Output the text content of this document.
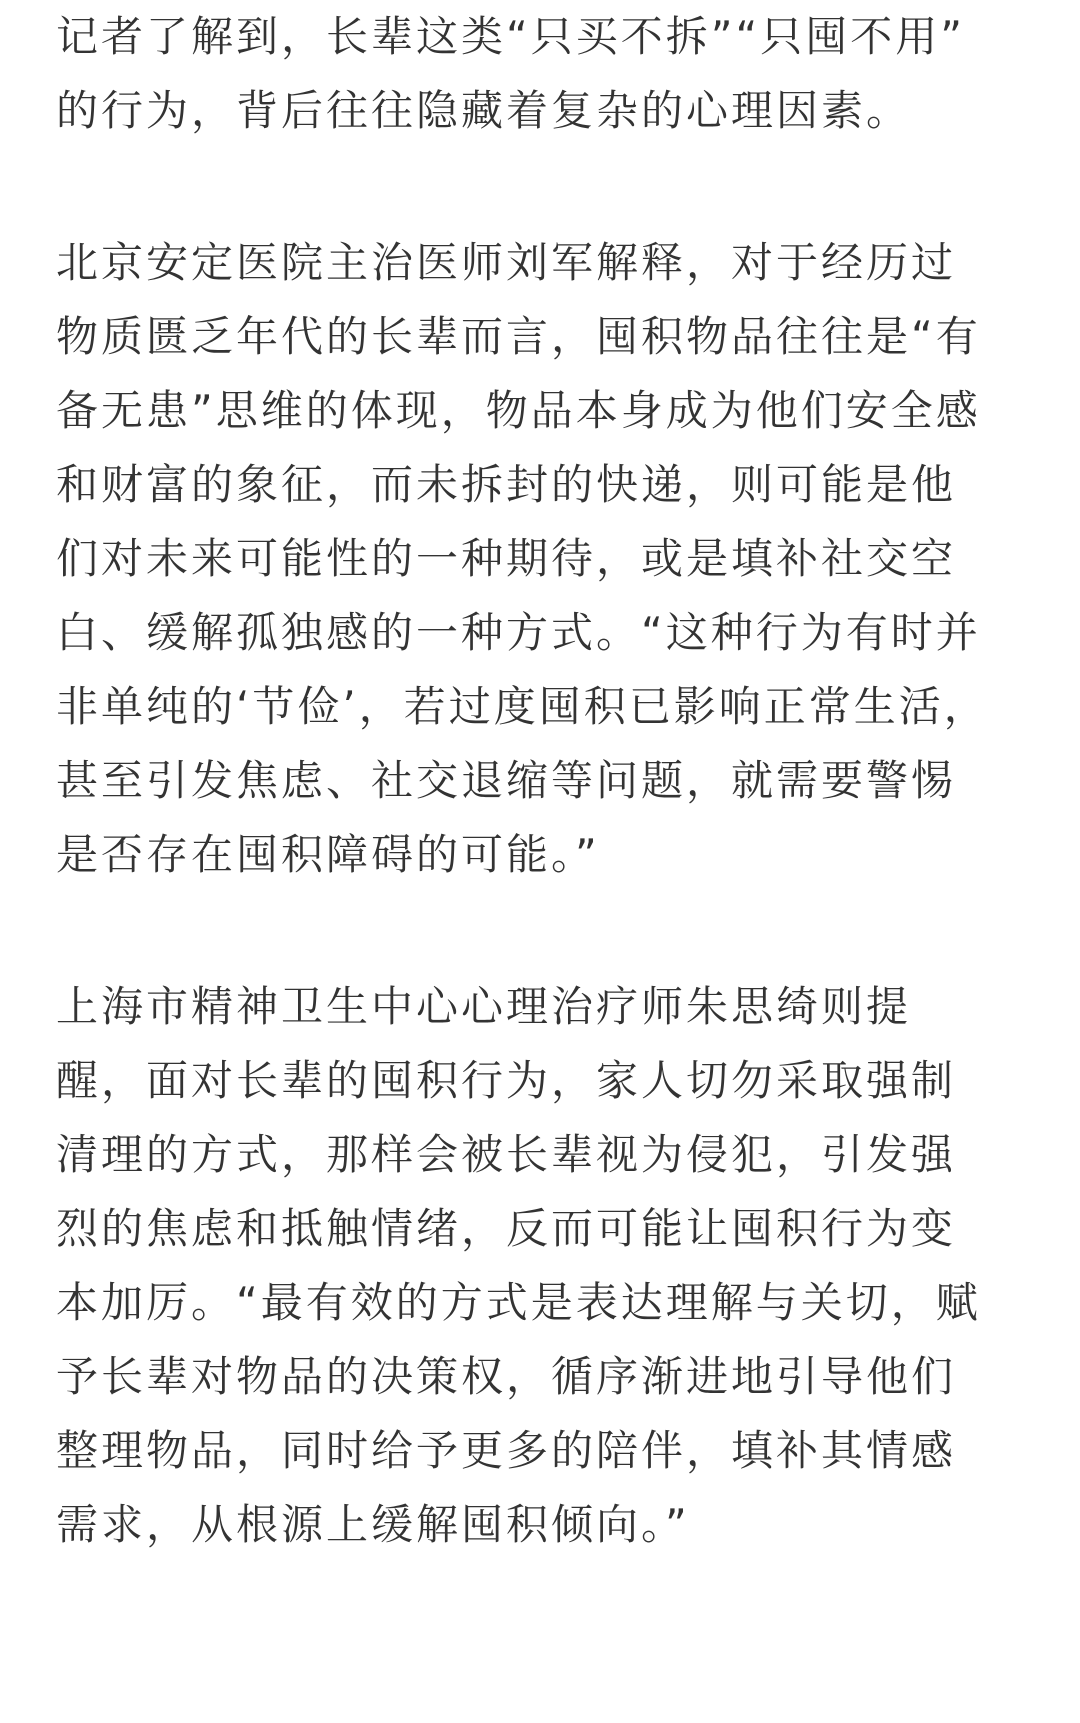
记者了解到，长辈这类“只买不拆”“只囤不用”
的行为，背后往往隐藏着复杂的心理因素。

北京安定医院主治医师刘军解释，对于经历过
物质匮乏年代的长辈而言，囤积物品往往是“有
备无患”思维的体现，物品本身成为他们安全感
和财富的象征，而未拆封的快递，则可能是他
们对未来可能性的一种期待，或是填补社交空
白、缓解孤独感的一种方式。“这种行为有时并
非单纯的‘节俭’，若过度囤积已影响正常生活，
甚至引发焦虑、社交退缩等问题，就需要警惕
是否存在囤积障碍的可能。”

上海市精神卫生中心心理治疗师朱思绮则提
醒，面对长辈的囤积行为，家人切勿采取强制
清理的方式，那样会被长辈视为侵犯，引发强
烈的焦虑和抵触情绪，反而可能让囤积行为变
本加厉。“最有效的方式是表达理解与关切，赋
予长辈对物品的决策权，循序渐进地引导他们
整理物品，同时给予更多的陪伴，填补其情感
需求，从根源上缓解囤积倾向。”
